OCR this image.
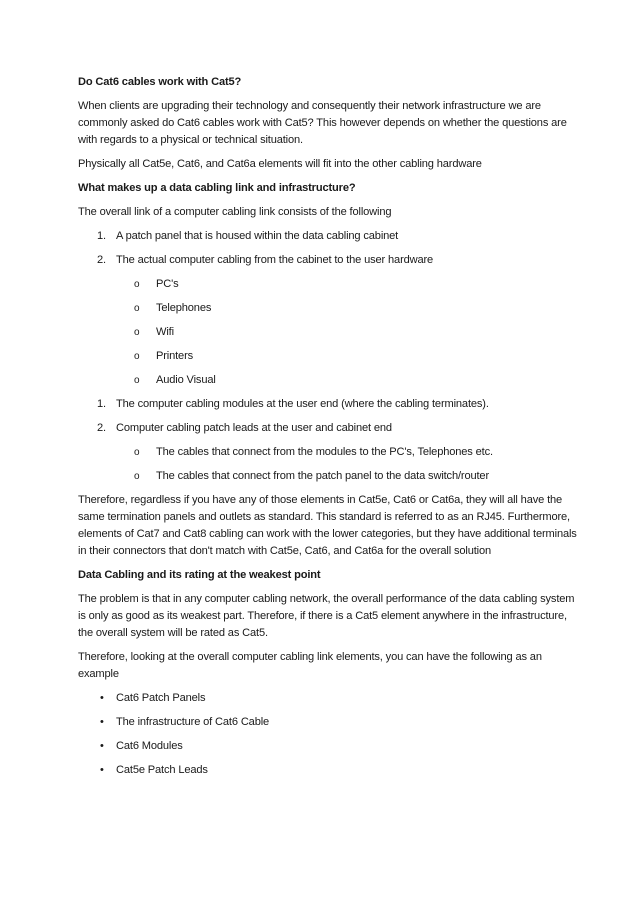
Do Cat6 cables work with Cat5?

When clients are upgrading their technology and consequently their network infrastructure we are commonly asked do Cat6 cables work with Cat5? This however depends on whether the questions are with regards to a physical or technical situation.

Physically all Cat5e, Cat6, and Cat6a elements will fit into the other cabling hardware

What makes up a data cabling link and infrastructure?

The overall link of a computer cabling link consists of the following

1. A patch panel that is housed within the data cabling cabinet
2. The actual computer cabling from the cabinet to the user hardware
o PC's
o Telephones
o Wifi
o Printers
o Audio Visual
1. The computer cabling modules at the user end (where the cabling terminates).
2. Computer cabling patch leads at the user and cabinet end
o The cables that connect from the modules to the PC's, Telephones etc.
o The cables that connect from the patch panel to the data switch/router

Therefore, regardless if you have any of those elements in Cat5e, Cat6 or Cat6a, they will all have the same termination panels and outlets as standard. This standard is referred to as an RJ45. Furthermore, elements of Cat7 and Cat8 cabling can work with the lower categories, but they have additional terminals in their connectors that don't match with Cat5e, Cat6, and Cat6a for the overall solution

Data Cabling and its rating at the weakest point

The problem is that in any computer cabling network, the overall performance of the data cabling system is only as good as its weakest part. Therefore, if there is a Cat5 element anywhere in the infrastructure, the overall system will be rated as Cat5.

Therefore, looking at the overall computer cabling link elements, you can have the following as an example

• Cat6 Patch Panels
• The infrastructure of Cat6 Cable
• Cat6 Modules
• Cat5e Patch Leads
